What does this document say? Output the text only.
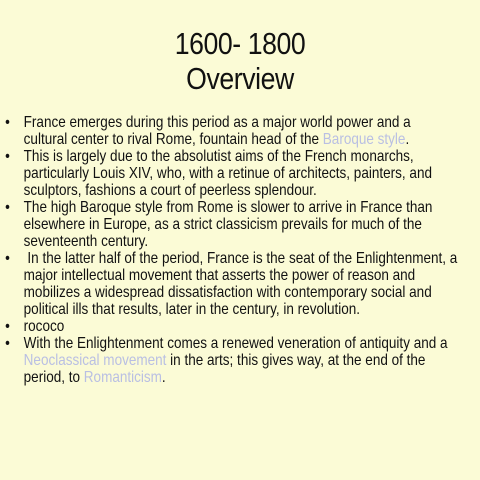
1600- 1800
Overview
• France emerges during this period as a major world power and a
cultural center to rival Rome, fountain head of the Baroque style.
• This is largely due to the absolutist aims of the French monarchs,
particularly Louis XIV, who, with a retinue of architects, painters, and
sculptors, fashions a court of peerless splendour.
• The high Baroque style from Rome is slower to arrive in France than
elsewhere in Europe, as a strict classicism prevails for much of the
seventeenth century.
• In the latter half of the period, France is the seat of the Enlightenment, a
major intellectual movement that asserts the power of reason and
mobilizes a widespread dissatisfaction with contemporary social and
political ills that results, later in the century, in revolution.
• rococo
• With the Enlightenment comes a renewed veneration of antiquity and a
Neoclassical movement in the arts; this gives way, at the end of the
period, to Romanticism.
